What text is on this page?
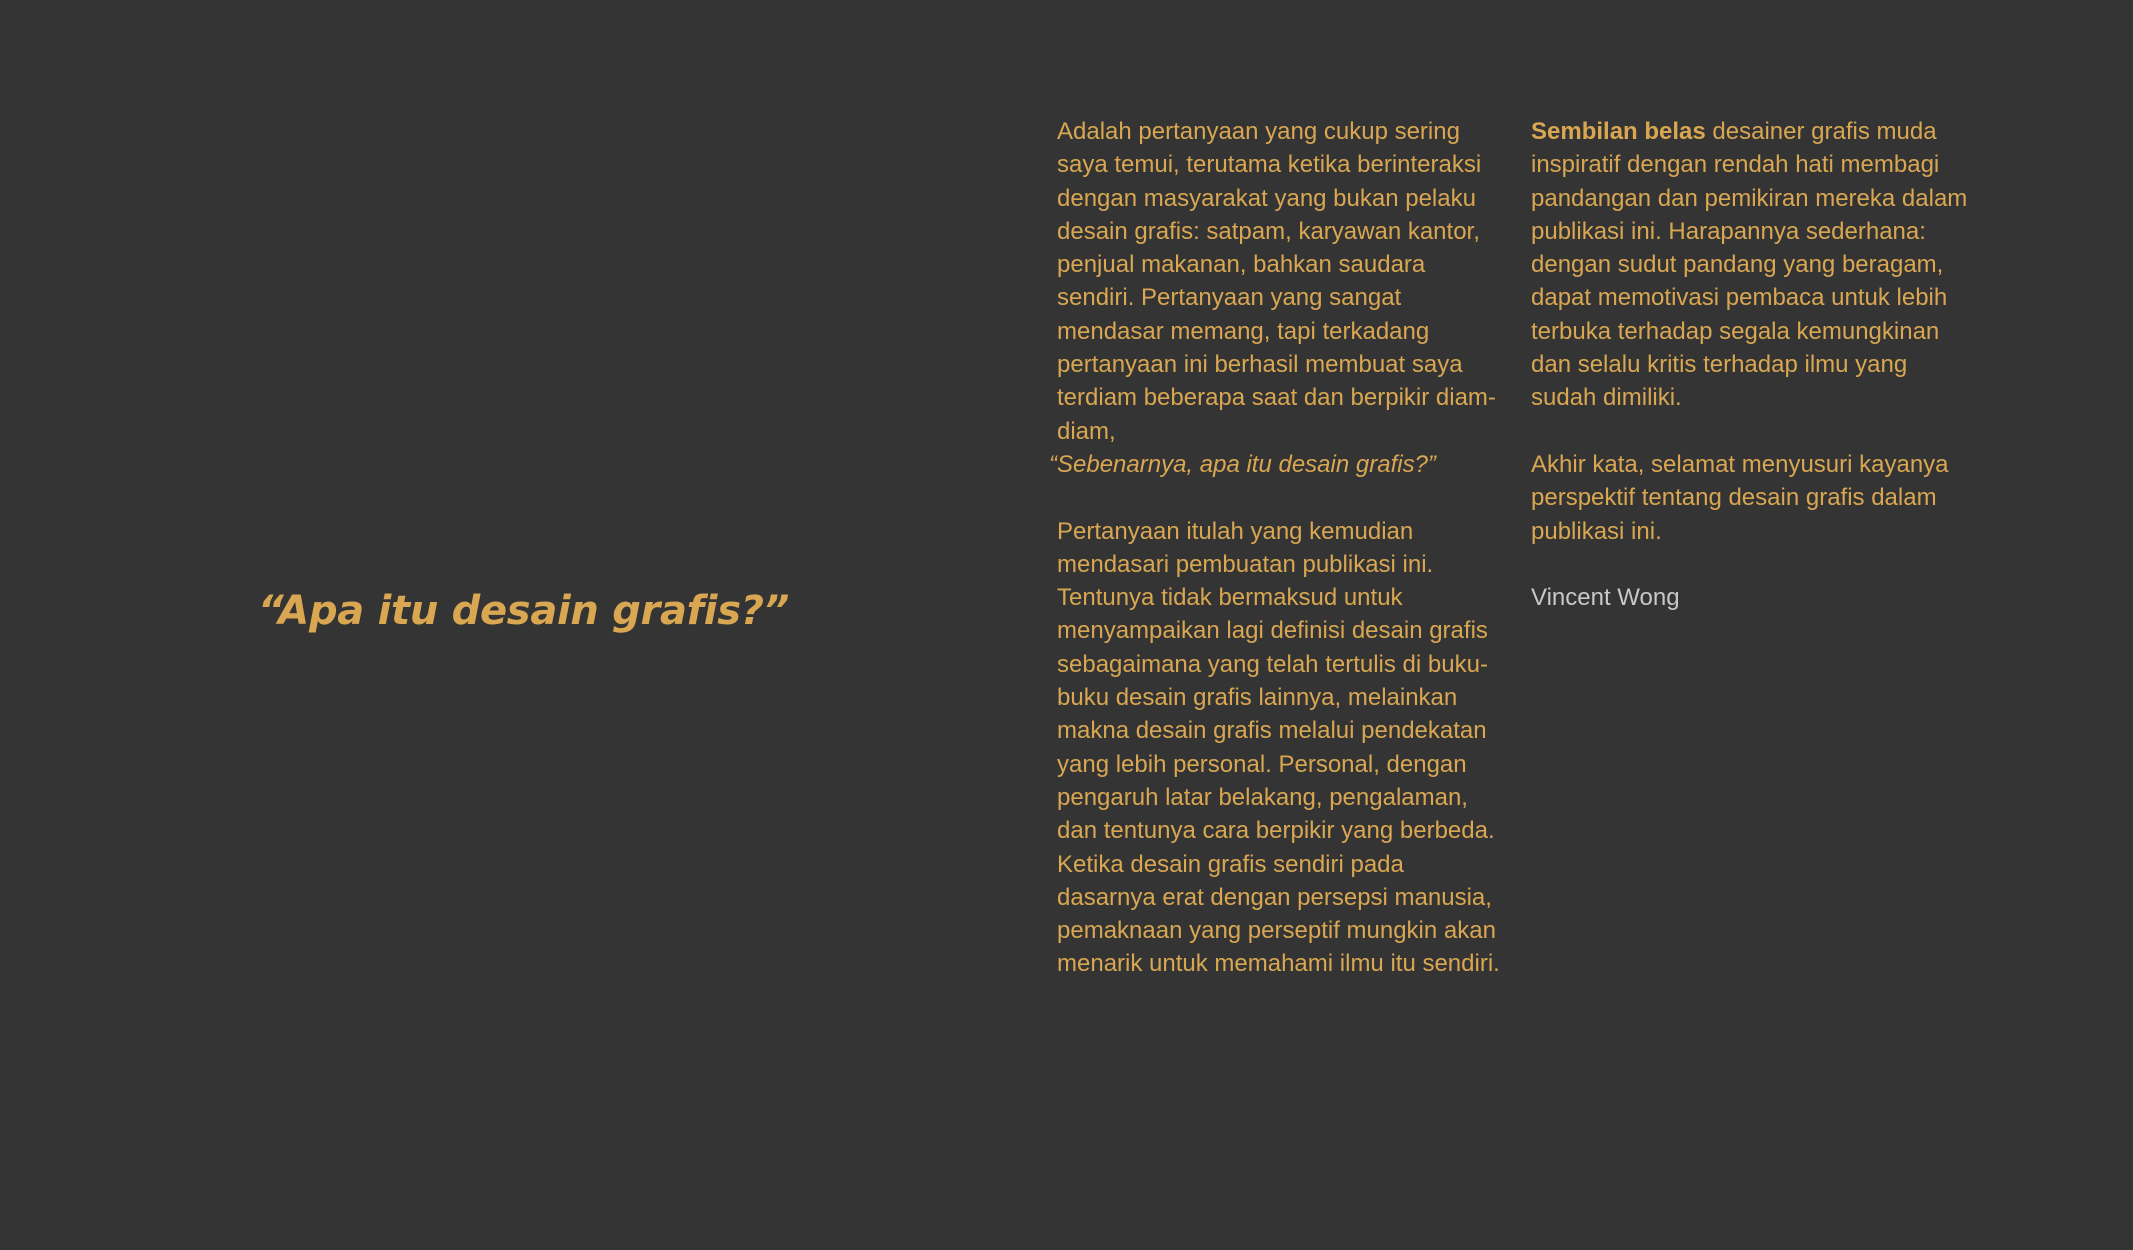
“Apa itu desain grafis?”

Adalah pertanyaan yang cukup sering saya temui, terutama ketika berinteraksi dengan masyarakat yang bukan pelaku desain grafis: satpam, karyawan kantor, penjual makanan, bahkan saudara sendiri. Pertanyaan yang sangat mendasar memang, tapi terkadang pertanyaan ini berhasil membuat saya terdiam beberapa saat dan berpikir diam-diam,
“Sebenarnya, apa itu desain grafis?”

Pertanyaan itulah yang kemudian mendasari pembuatan publikasi ini. Tentunya tidak bermaksud untuk menyampaikan lagi definisi desain grafis sebagaimana yang telah tertulis di buku-buku desain grafis lainnya, melainkan makna desain grafis melalui pendekatan yang lebih personal. Personal, dengan pengaruh latar belakang, pengalaman, dan tentunya cara berpikir yang berbeda. Ketika desain grafis sendiri pada dasarnya erat dengan persepsi manusia, pemaknaan yang perseptif mungkin akan menarik untuk memahami ilmu itu sendiri.

Sembilan belas desainer grafis muda inspiratif dengan rendah hati membagi pandangan dan pemikiran mereka dalam publikasi ini. Harapannya sederhana: dengan sudut pandang yang beragam, dapat memotivasi pembaca untuk lebih terbuka terhadap segala kemungkinan dan selalu kritis terhadap ilmu yang sudah dimiliki.

Akhir kata, selamat menyusuri kayanya perspektif tentang desain grafis dalam publikasi ini.

Vincent Wong
